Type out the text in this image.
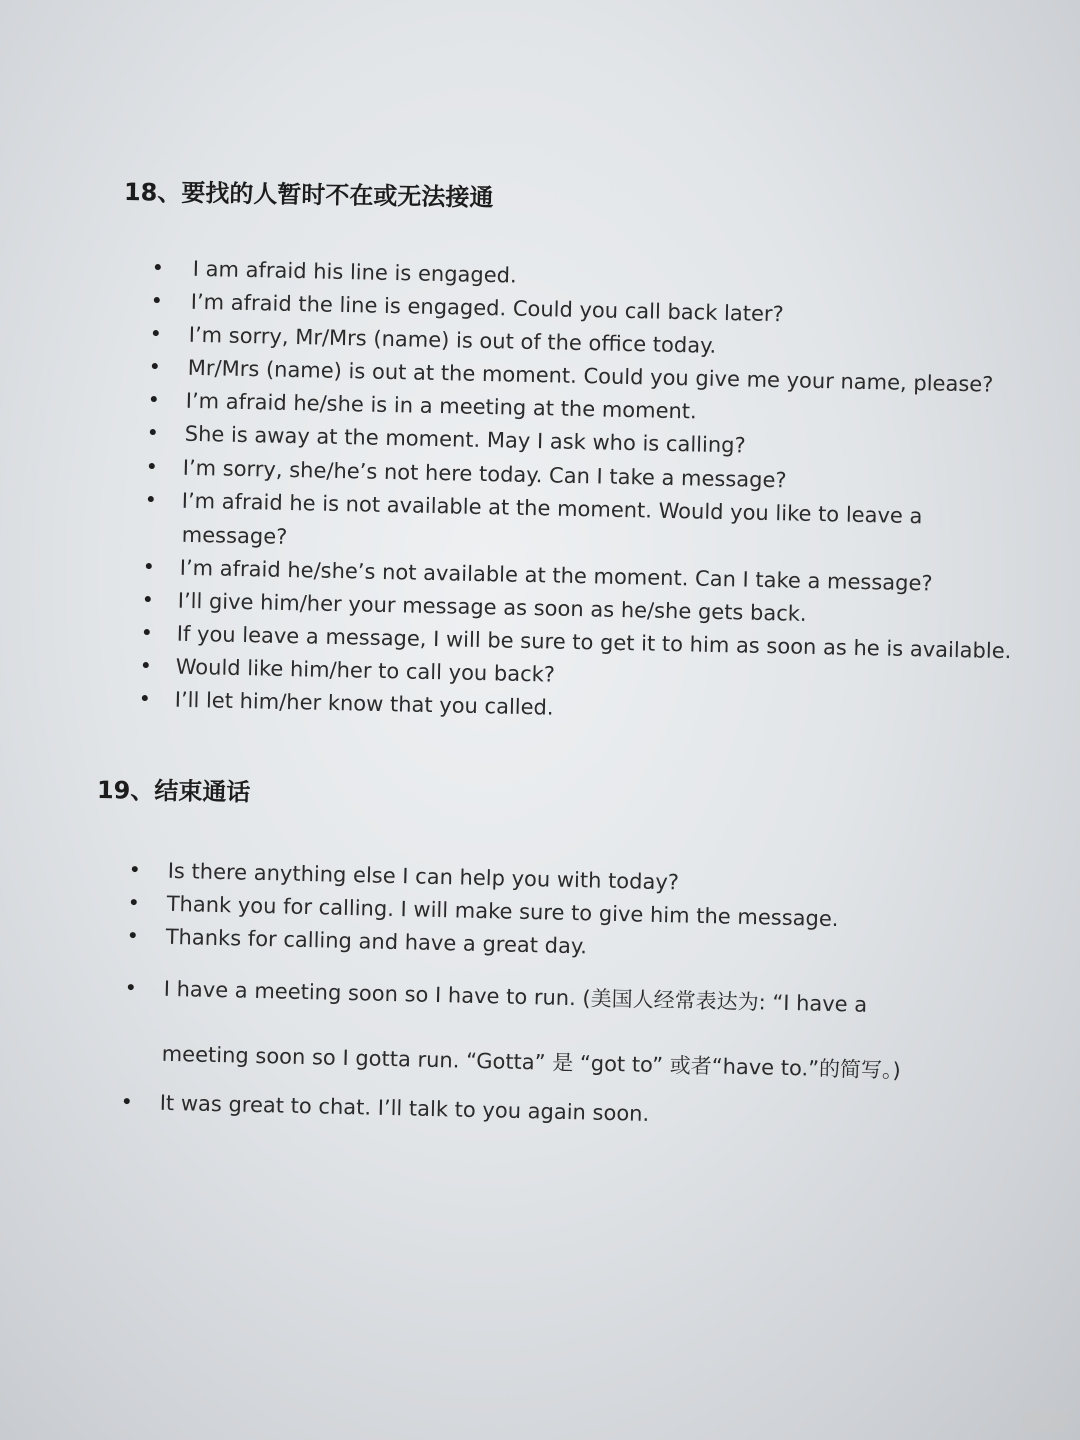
18、要找的人暂时不在或无法接通
I am afraid his line is engaged.
I’m afraid the line is engaged. Could you call back later?
I’m sorry, Mr/Mrs (name) is out of the office today.
Mr/Mrs (name) is out at the moment. Could you give me your name, please?
I’m afraid he/she is in a meeting at the moment.
She is away at the moment. May I ask who is calling?
I’m sorry, she/he’s not here today. Can I take a message?
I’m afraid he is not available at the moment. Would you like to leave a
message?
I’m afraid he/she’s not available at the moment. Can I take a message?
I’ll give him/her your message as soon as he/she gets back.
If you leave a message, I will be sure to get it to him as soon as he is available.
Would like him/her to call you back?
I’ll let him/her know that you called.
19、结束通话
Is there anything else I can help you with today?
Thank you for calling. I will make sure to give him the message.
Thanks for calling and have a great day.
I have a meeting soon so I have to run. (美国人经常表达为: “I have a
meeting soon so I gotta run. “Gotta” 是 “got to” 或者“have to.”的简写。)
It was great to chat. I’ll talk to you again soon.
